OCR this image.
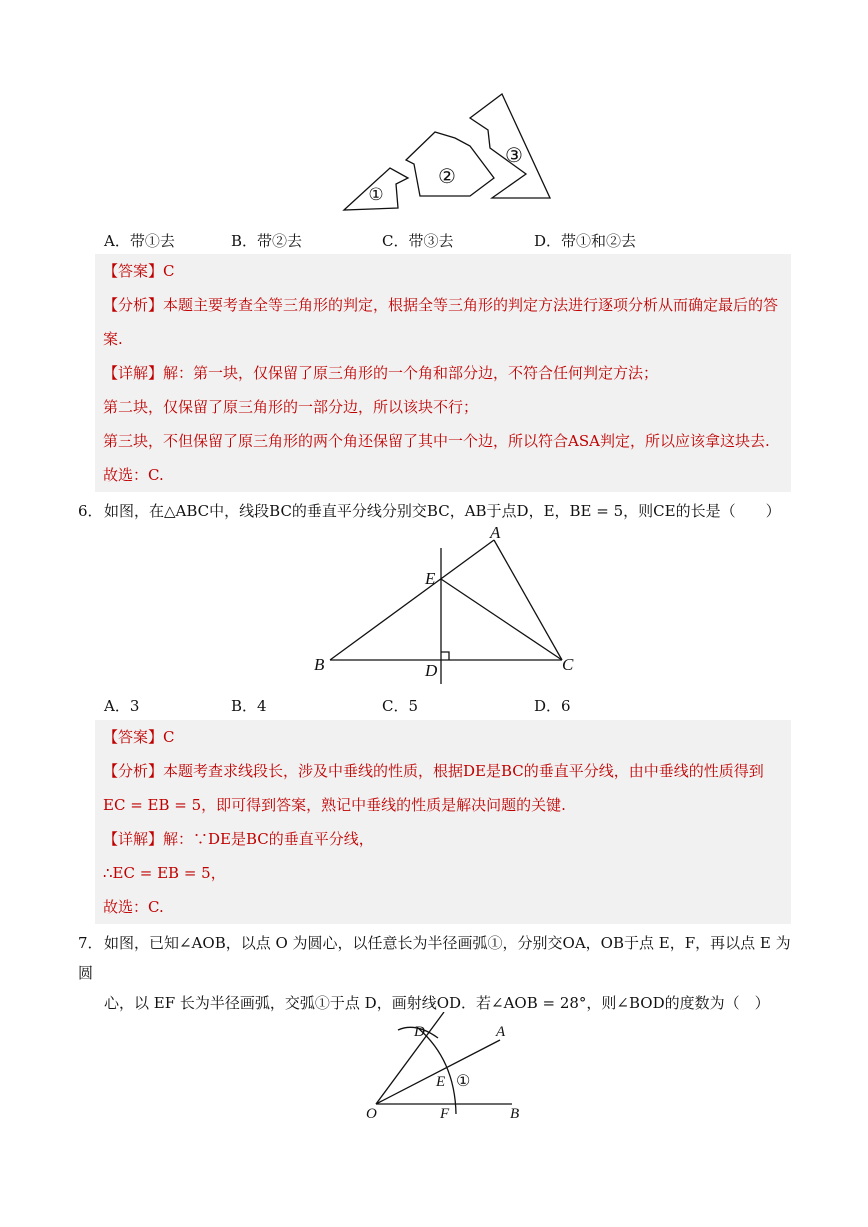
①
②
③
A．带①去	B．带②去	C．带③去	D．带①和②去
【答案】C
【分析】本题主要考查全等三角形的判定，根据全等三角形的判定方法进行逐项分析从而确定最后的答
案.
【详解】解：第一块，仅保留了原三角形的一个角和部分边，不符合任何判定方法；
第二块，仅保留了原三角形的一部分边，所以该块不行；
第三块，不但保留了原三角形的两个角还保留了其中一个边，所以符合ASA判定，所以应该拿这块去.
故选：C.
6．如图，在△ABC中，线段BC的垂直平分线分别交BC，AB于点D，E，BE = 5，则CE的长是（　　）
A
B	C
D
E
A．3	B．4	C．5	D．6
【答案】C
【分析】本题考查求线段长，涉及中垂线的性质，根据DE是BC的垂直平分线，由中垂线的性质得到
EC = EB = 5，即可得到答案，熟记中垂线的性质是解决问题的关键.
【详解】解：∵DE是BC的垂直平分线，
∴EC = EB = 5，
故选：C.
7．如图，已知∠AOB，以点 O 为圆心，以任意长为半径画弧①，分别交OA，OB于点 E，F，再以点 E 为圆
心，以 EF 长为半径画弧，交弧①于点 D，画射线OD．若∠AOB = 28°，则∠BOD的度数为（　）
O	F	B
A
D
E ①
